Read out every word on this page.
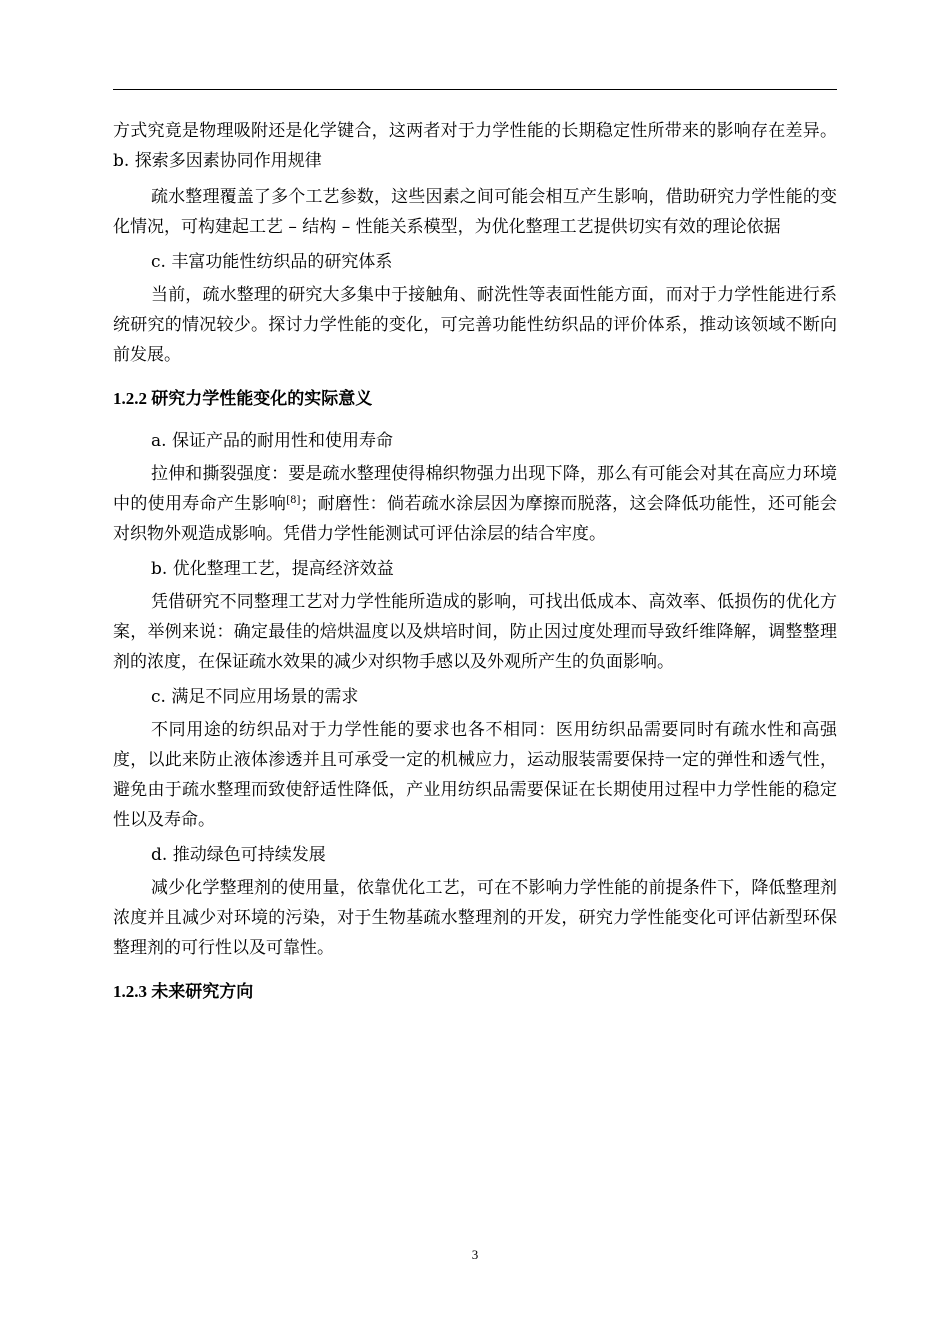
方式究竟是物理吸附还是化学键合，这两者对于力学性能的长期稳定性所带来的影响存在差异。b. 探索多因素协同作用规律

疏水整理覆盖了多个工艺参数，这些因素之间可能会相互产生影响，借助研究力学性能的变化情况，可构建起工艺 – 结构 – 性能关系模型，为优化整理工艺提供切实有效的理论依据

c. 丰富功能性纺织品的研究体系

当前，疏水整理的研究大多集中于接触角、耐洗性等表面性能方面，而对于力学性能进行系统研究的情况较少。探讨力学性能的变化，可完善功能性纺织品的评价体系，推动该领域不断向前发展。

1.2.2 研究力学性能变化的实际意义

a. 保证产品的耐用性和使用寿命

拉伸和撕裂强度：要是疏水整理使得棉织物强力出现下降，那么有可能会对其在高应力环境中的使用寿命产生影响[8]；耐磨性：倘若疏水涂层因为摩擦而脱落，这会降低功能性，还可能会对织物外观造成影响。凭借力学性能测试可评估涂层的结合牢度。

b. 优化整理工艺，提高经济效益

凭借研究不同整理工艺对力学性能所造成的影响，可找出低成本、高效率、低损伤的优化方案，举例来说：确定最佳的焙烘温度以及烘培时间，防止因过度处理而导致纤维降解，调整整理剂的浓度，在保证疏水效果的减少对织物手感以及外观所产生的负面影响。

c. 满足不同应用场景的需求

不同用途的纺织品对于力学性能的要求也各不相同：医用纺织品需要同时有疏水性和高强度，以此来防止液体渗透并且可承受一定的机械应力，运动服装需要保持一定的弹性和透气性，避免由于疏水整理而致使舒适性降低，产业用纺织品需要保证在长期使用过程中力学性能的稳定性以及寿命。

d. 推动绿色可持续发展

减少化学整理剂的使用量，依靠优化工艺，可在不影响力学性能的前提条件下，降低整理剂浓度并且减少对环境的污染，对于生物基疏水整理剂的开发，研究力学性能变化可评估新型环保整理剂的可行性以及可靠性。

1.2.3 未来研究方向
3
